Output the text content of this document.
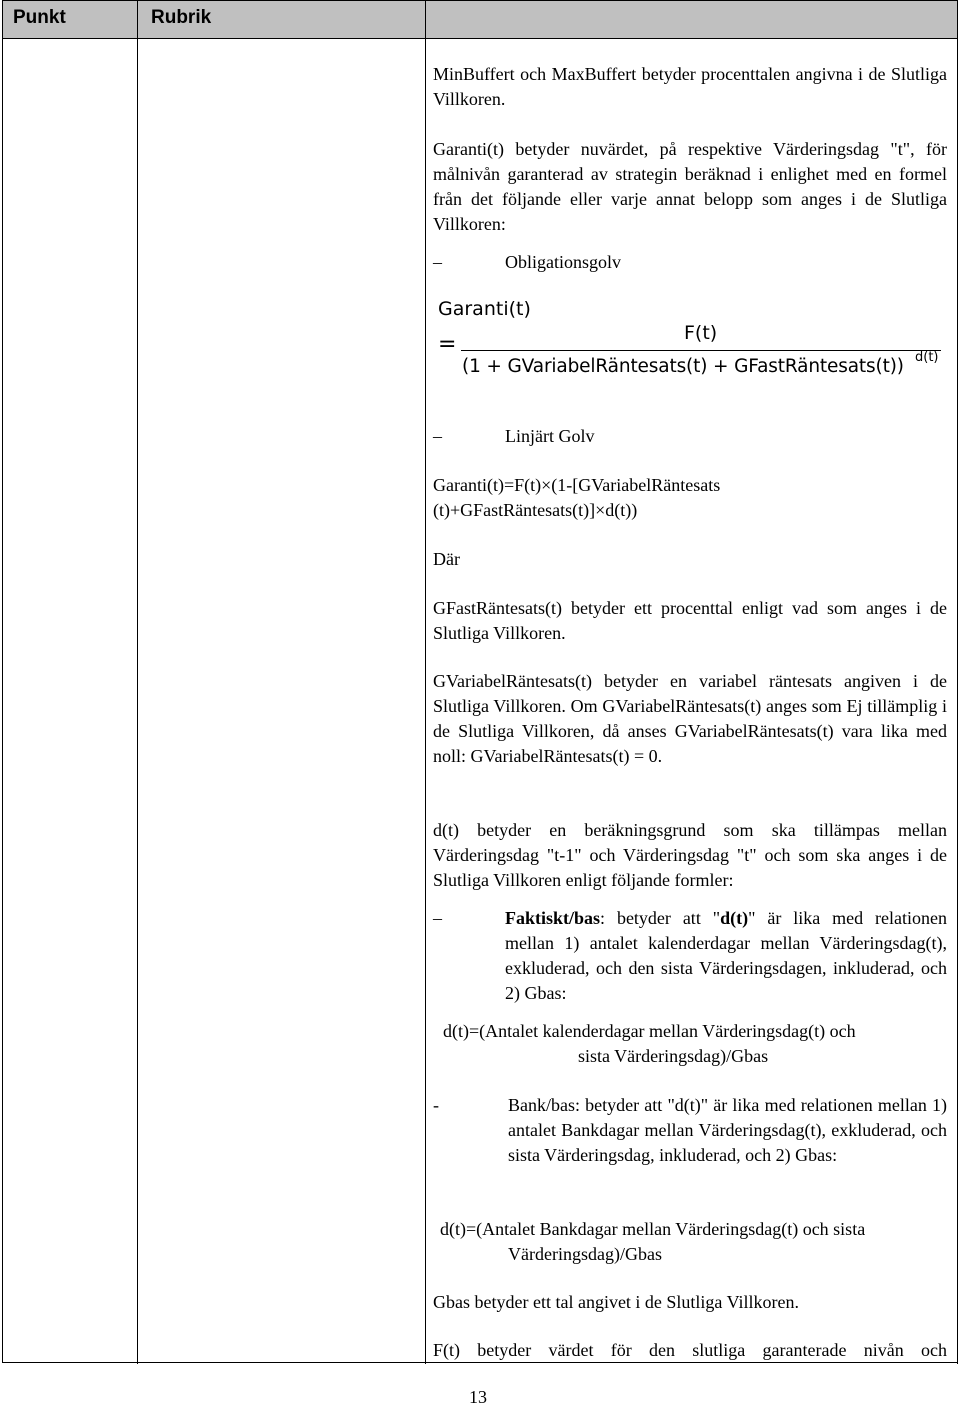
Punkt	Rubrik
MinBuffert och MaxBuffert betyder procenttalen angivna i de Slutliga Villkoren.
Garanti(t) betyder nuvärdet, på respektive Värderingsdag "t", för målnivån garanterad av strategin beräknad i enlighet med en formel från det följande eller varje annat belopp som anges i de Slutliga Villkoren:
–	Obligationsgolv
Garanti(t)
=	F(t)
(1 + GVariabelRäntesats(t) + GFastRäntesats(t)) d(t)
–	Linjärt Golv
Garanti(t)=F(t)×(1-[GVariabelRäntesats
(t)+GFastRäntesats(t)]×d(t))
Där
GFastRäntesats(t) betyder ett procenttal enligt vad som anges i de Slutliga Villkoren.
GVariabelRäntesats(t) betyder en variabel räntesats angiven i de Slutliga Villkoren. Om GVariabelRäntesats(t) anges som Ej tillämplig i de Slutliga Villkoren, då anses GVariabelRäntesats(t) vara lika med noll: GVariabelRäntesats(t) = 0.
d(t) betyder en beräkningsgrund som ska tillämpas mellan Värderingsdag "t-1" och Värderingsdag "t" och som ska anges i de Slutliga Villkoren enligt följande formler:
–	Faktiskt/bas: betyder att "d(t)" är lika med relationen mellan 1) antalet kalenderdagar mellan Värderingsdag(t), exkluderad, och den sista Värderingsdagen, inkluderad, och 2) Gbas:
d(t)=(Antalet kalenderdagar mellan Värderingsdag(t) och
sista Värderingsdag)/Gbas
-	Bank/bas: betyder att "d(t)" är lika med relationen mellan 1) antalet Bankdagar mellan Värderingsdag(t), exkluderad, och sista Värderingsdag, inkluderad, och 2) Gbas:
d(t)=(Antalet Bankdagar mellan Värderingsdag(t) och sista
Värderingsdag)/Gbas
Gbas betyder ett tal angivet i de Slutliga Villkoren.
F(t) betyder värdet för den slutliga garanterade nivån och
13
